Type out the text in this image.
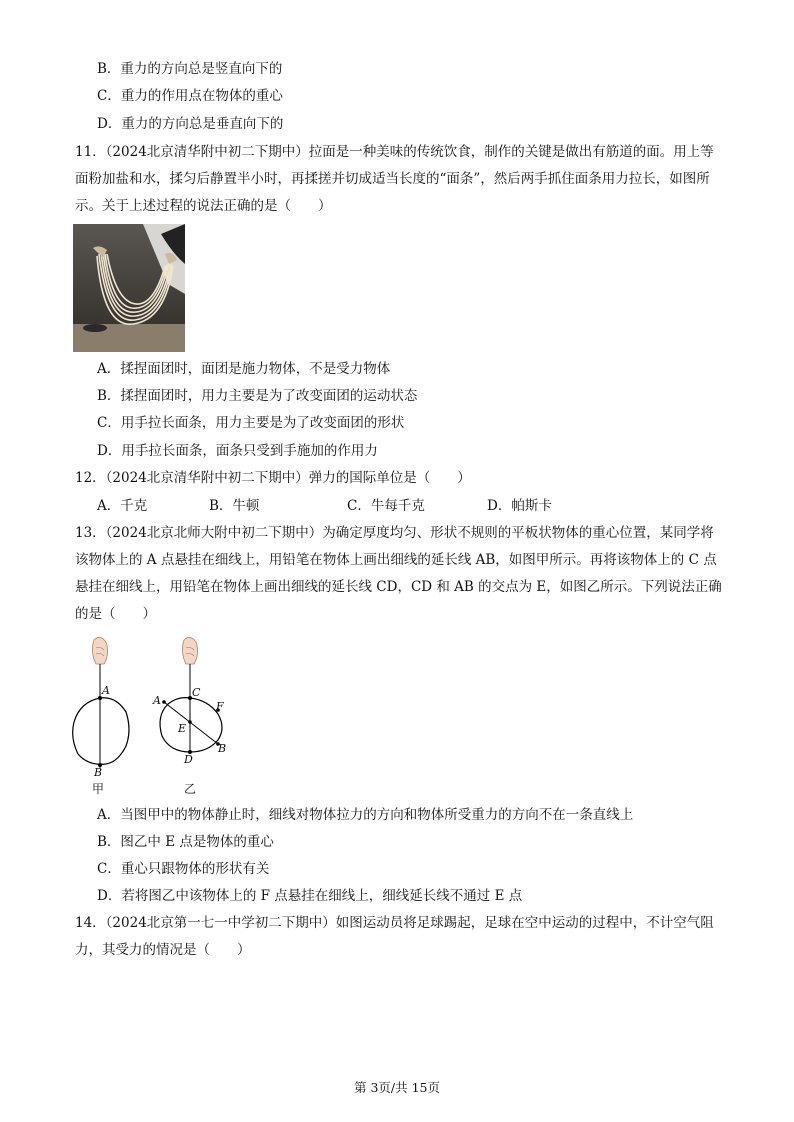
B．重力的方向总是竖直向下的
C．重力的作用点在物体的重心
D．重力的方向总是垂直向下的
11．（2024北京清华附中初二下期中）拉面是一种美味的传统饮食，制作的关键是做出有筋道的面。用上等
面粉加盐和水，揉匀后静置半小时，再揉搓并切成适当长度的“面条”，然后两手抓住面条用力拉长，如图所
示。关于上述过程的说法正确的是（　　）
A．揉捏面团时，面团是施力物体，不是受力物体
B．揉捏面团时，用力主要是为了改变面团的运动状态
C．用手拉长面条，用力主要是为了改变面团的形状
D．用手拉长面条，面条只受到手施加的作用力
12．（2024北京清华附中初二下期中）弹力的国际单位是（　　）
A．千克	B．牛顿	C．牛每千克	D．帕斯卡
13．（2024北京北师大附中初二下期中）为确定厚度均匀、形状不规则的平板状物体的重心位置，某同学将
该物体上的 A 点悬挂在细线上，用铅笔在物体上画出细线的延长线 AB，如图甲所示。再将该物体上的 C 点
悬挂在细线上，用铅笔在物体上画出细线的延长线 CD，CD 和 AB 的交点为 E，如图乙所示。下列说法正确
的是（　　）
A
B
甲
C
A	F
E
B
D
乙
A．当图甲中的物体静止时，细线对物体拉力的方向和物体所受重力的方向不在一条直线上
B．图乙中 E 点是物体的重心
C．重心只跟物体的形状有关
D．若将图乙中该物体上的 F 点悬挂在细线上，细线延长线不通过 E 点
14．（2024北京第一七一中学初二下期中）如图运动员将足球踢起，足球在空中运动的过程中，不计空气阻
力，其受力的情况是（　　）
第 3页/共 15页
